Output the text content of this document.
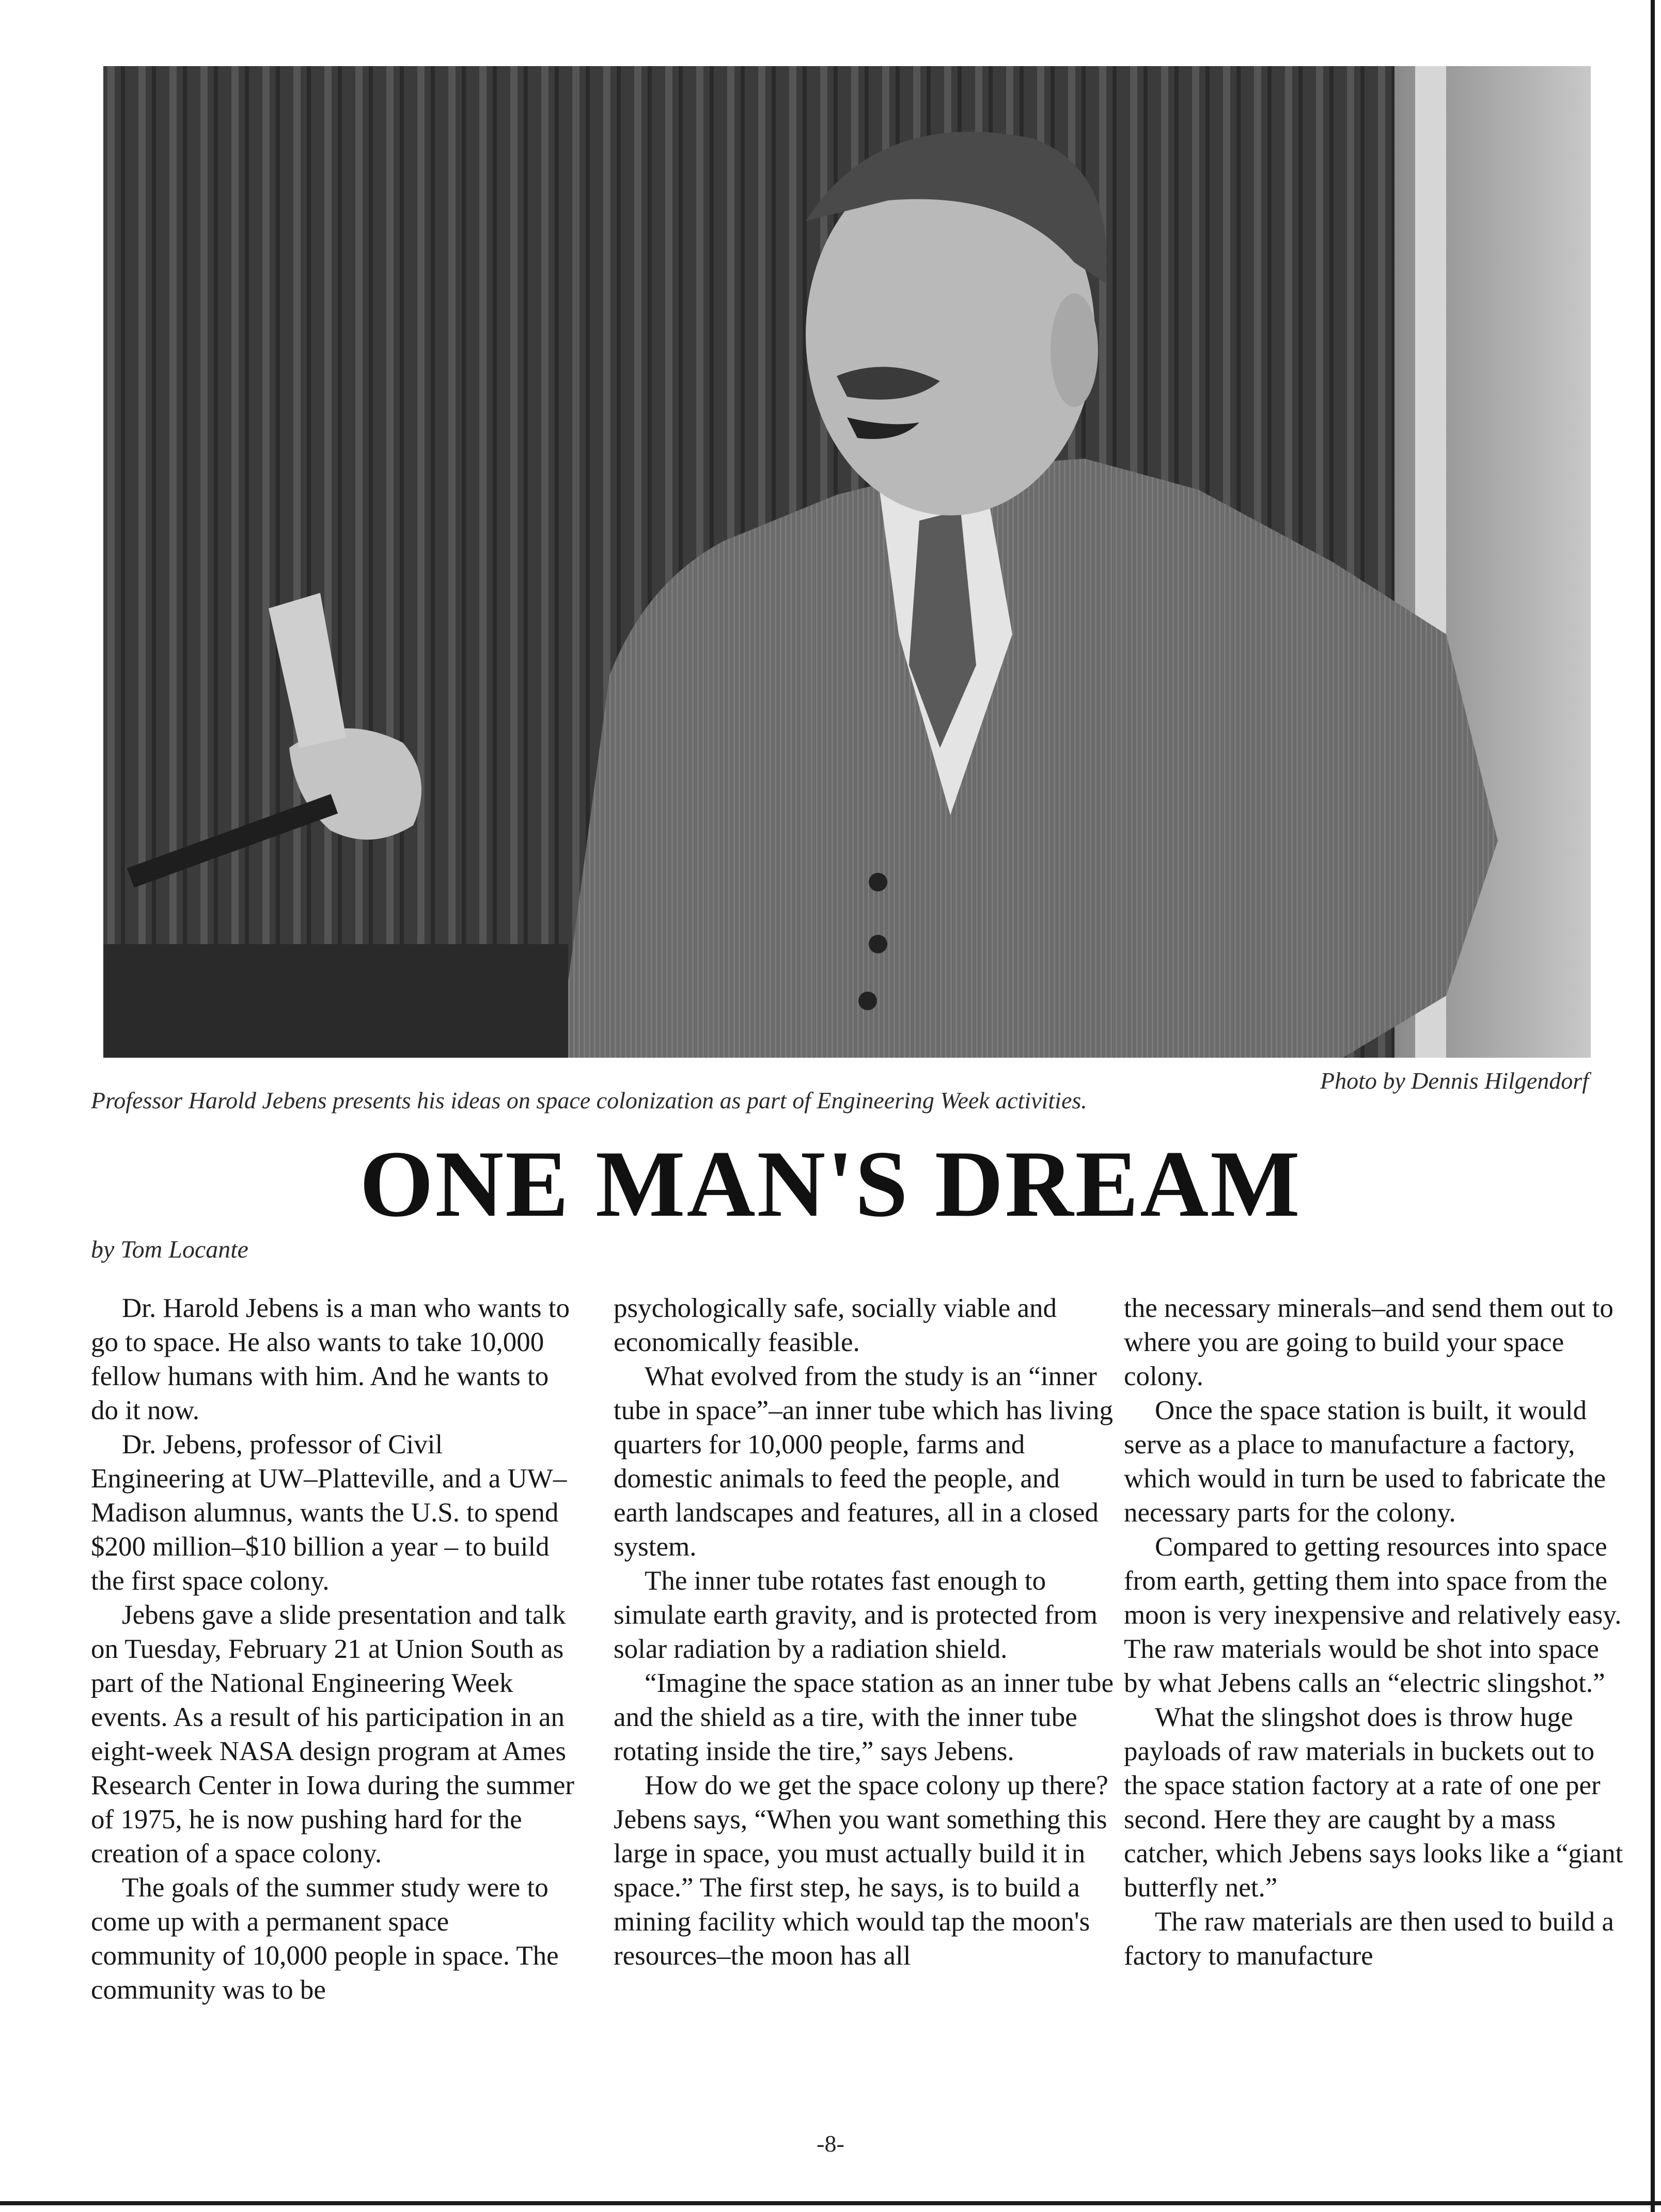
Photo by Dennis Hilgendorf
Professor Harold Jebens presents his ideas on space colonization as part of Engineering Week activities.
ONE MAN'S DREAM
by Tom Locante

Dr. Harold Jebens is a man who wants to go to space. He also wants to take 10,000 fellow humans with him. And he wants to do it now.

Dr. Jebens, professor of Civil Engineering at UW–Platteville, and a UW–Madison alumnus, wants the U.S. to spend $200 million–$10 billion a year – to build the first space colony.

Jebens gave a slide presentation and talk on Tuesday, February 21 at Union South as part of the National Engineering Week events. As a result of his participation in an eight-week NASA design program at Ames Research Center in Iowa during the summer of 1975, he is now pushing hard for the creation of a space colony.

The goals of the summer study were to come up with a permanent space community of 10,000 people in space. The community was to be

psychologically safe, socially viable and economically feasible.

What evolved from the study is an “inner tube in space”–an inner tube which has living quarters for 10,000 people, farms and domestic animals to feed the people, and earth landscapes and features, all in a closed system.

The inner tube rotates fast enough to simulate earth gravity, and is protected from solar radiation by a radiation shield.

“Imagine the space station as an inner tube and the shield as a tire, with the inner tube rotating inside the tire,” says Jebens.

How do we get the space colony up there? Jebens says, “When you want something this large in space, you must actually build it in space.” The first step, he says, is to build a mining facility which would tap the moon's resources–the moon has all

the necessary minerals–and send them out to where you are going to build your space colony.

Once the space station is built, it would serve as a place to manufacture a factory, which would in turn be used to fabricate the necessary parts for the colony.

Compared to getting resources into space from earth, getting them into space from the moon is very inexpensive and relatively easy. The raw materials would be shot into space by what Jebens calls an “electric slingshot.”

What the slingshot does is throw huge payloads of raw materials in buckets out to the space station factory at a rate of one per second. Here they are caught by a mass catcher, which Jebens says looks like a “giant butterfly net.”

The raw materials are then used to build a factory to manufacture

-8-
